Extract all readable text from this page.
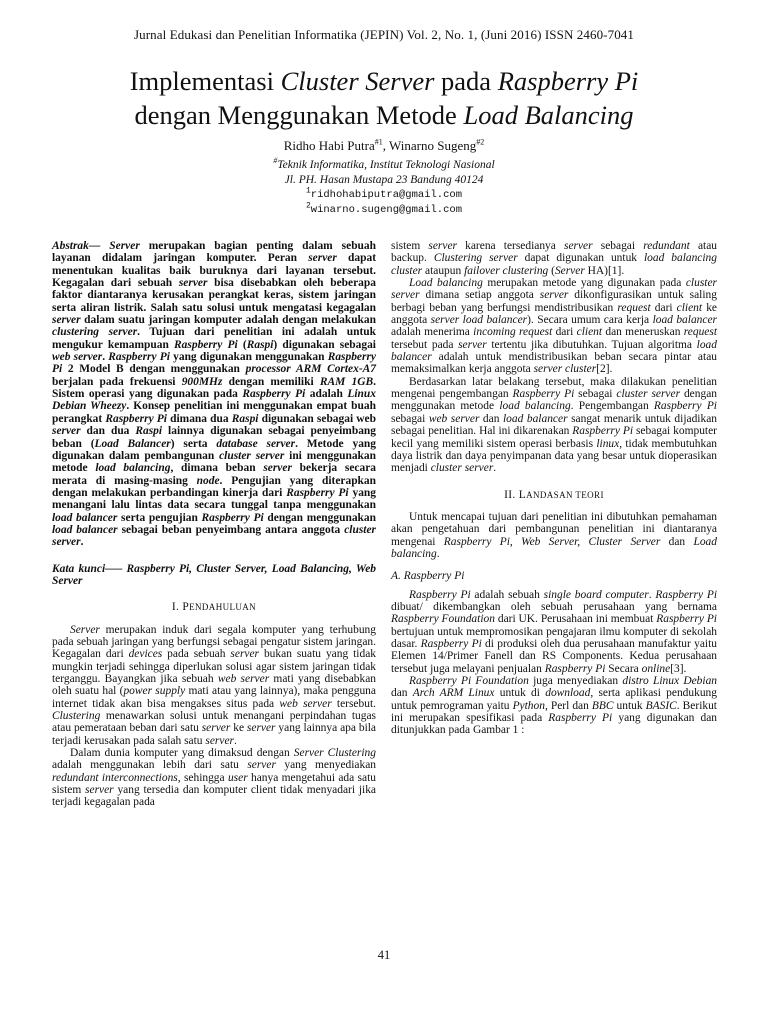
Jurnal Edukasi dan Penelitian Informatika (JEPIN) Vol. 2, No. 1, (Juni 2016) ISSN 2460-7041
Implementasi Cluster Server pada Raspberry Pi
dengan Menggunakan Metode Load Balancing
Ridho Habi Putra$^{\#1}$, Winarno Sugeng$^{\#2}$
#Teknik Informatika, Institut Teknologi Nasional
Jl. PH. Hasan Mustapa 23 Bandung 40124
$^1$ridhohabiputra@gmail.com
$^2$winarno.sugeng@gmail.com

Abstrak— Server merupakan bagian penting dalam sebuah layanan didalam jaringan komputer. Peran server dapat menentukan kualitas baik buruknya dari layanan tersebut. Kegagalan dari sebuah server bisa disebabkan oleh beberapa faktor diantaranya kerusakan perangkat keras, sistem jaringan serta aliran listrik. Salah satu solusi untuk mengatasi kegagalan server dalam suatu jaringan komputer adalah dengan melakukan clustering server. Tujuan dari penelitian ini adalah untuk mengukur kemampuan Raspberry Pi (Raspi) digunakan sebagai web server. Raspberry Pi yang digunakan menggunakan Raspberry Pi 2 Model B dengan menggunakan processor ARM Cortex-A7 berjalan pada frekuensi 900MHz dengan memiliki RAM 1GB. Sistem operasi yang digunakan pada Raspberry Pi adalah Linux Debian Wheezy. Konsep penelitian ini menggunakan empat buah perangkat Raspberry Pi dimana dua Raspi digunakan sebagai web server dan dua Raspi lainnya digunakan sebagai penyeimbang beban (Load Balancer) serta database server. Metode yang digunakan dalam pembangunan cluster server ini menggunakan metode load balancing, dimana beban server bekerja secara merata di masing-masing node. Pengujian yang diterapkan dengan melakukan perbandingan kinerja dari Raspberry Pi yang menangani lalu lintas data secara tunggal tanpa menggunakan load balancer serta pengujian Raspberry Pi dengan menggunakan load balancer sebagai beban penyeimbang antara anggota cluster server.

Kata kunci—– Raspberry Pi, Cluster Server, Load Balancing, Web Server

I. PENDAHULUAN

Server merupakan induk dari segala komputer yang terhubung pada sebuah jaringan yang berfungsi sebagai pengatur sistem jaringan. Kegagalan dari devices pada sebuah server bukan suatu yang tidak mungkin terjadi sehingga diperlukan solusi agar sistem jaringan tidak terganggu. Bayangkan jika sebuah web server mati yang disebabkan oleh suatu hal (power supply mati atau yang lainnya), maka pengguna internet tidak akan bisa mengakses situs pada web server tersebut. Clustering menawarkan solusi untuk menangani perpindahan tugas atau pemerataan beban dari satu server ke server yang lainnya apa bila terjadi kerusakan pada salah satu server.

Dalam dunia komputer yang dimaksud dengan Server Clustering adalah menggunakan lebih dari satu server yang menyediakan redundant interconnections, sehingga user hanya mengetahui ada satu sistem server yang tersedia dan komputer client tidak menyadari jika terjadi kegagalan pada

sistem server karena tersedianya server sebagai redundant atau backup. Clustering server dapat digunakan untuk load balancing cluster ataupun failover clustering (Server HA)[1].

Load balancing merupakan metode yang digunakan pada cluster server dimana setiap anggota server dikonfigurasikan untuk saling berbagi beban yang berfungsi mendistribusikan request dari client ke anggota server load balancer). Secara umum cara kerja load balancer adalah menerima incoming request dari client dan meneruskan request tersebut pada server tertentu jika dibutuhkan. Tujuan algoritma load balancer adalah untuk mendistribusikan beban secara pintar atau memaksimalkan kerja anggota server cluster[2].

Berdasarkan latar belakang tersebut, maka dilakukan penelitian mengenai pengembangan Raspberry Pi sebagai cluster server dengan menggunakan metode load balancing. Pengembangan Raspberry Pi sebagai web server dan load balancer sangat menarik untuk dijadikan sebagai penelitian. Hal ini dikarenakan Raspberry Pi sebagai komputer kecil yang memiliki sistem operasi berbasis linux, tidak membutuhkan daya listrik dan daya penyimpanan data yang besar untuk dioperasikan menjadi cluster server.

II. LANDASAN TEORI

Untuk mencapai tujuan dari penelitian ini dibutuhkan pemahaman akan pengetahuan dari pembangunan penelitian ini diantaranya mengenai Raspberry Pi, Web Server, Cluster Server dan Load balancing.

A. Raspberry Pi

Raspberry Pi adalah sebuah single board computer. Raspberry Pi dibuat/ dikembangkan oleh sebuah perusahaan yang bernama Raspberry Foundation dari UK. Perusahaan ini membuat Raspberry Pi bertujuan untuk mempromosikan pengajaran ilmu komputer di sekolah dasar. Raspberry Pi di produksi oleh dua perusahaan manufaktur yaitu Elemen 14/Primer Fanell dan RS Components. Kedua perusahaan tersebut juga melayani penjualan Raspberry Pi Secara online[3].

Raspberry Pi Foundation juga menyediakan distro Linux Debian dan Arch ARM Linux untuk di download, serta aplikasi pendukung untuk pemrograman yaitu Python, Perl dan BBC untuk BASIC. Berikut ini merupakan spesifikasi pada Raspberry Pi yang digunakan dan ditunjukkan pada Gambar 1 :

41
